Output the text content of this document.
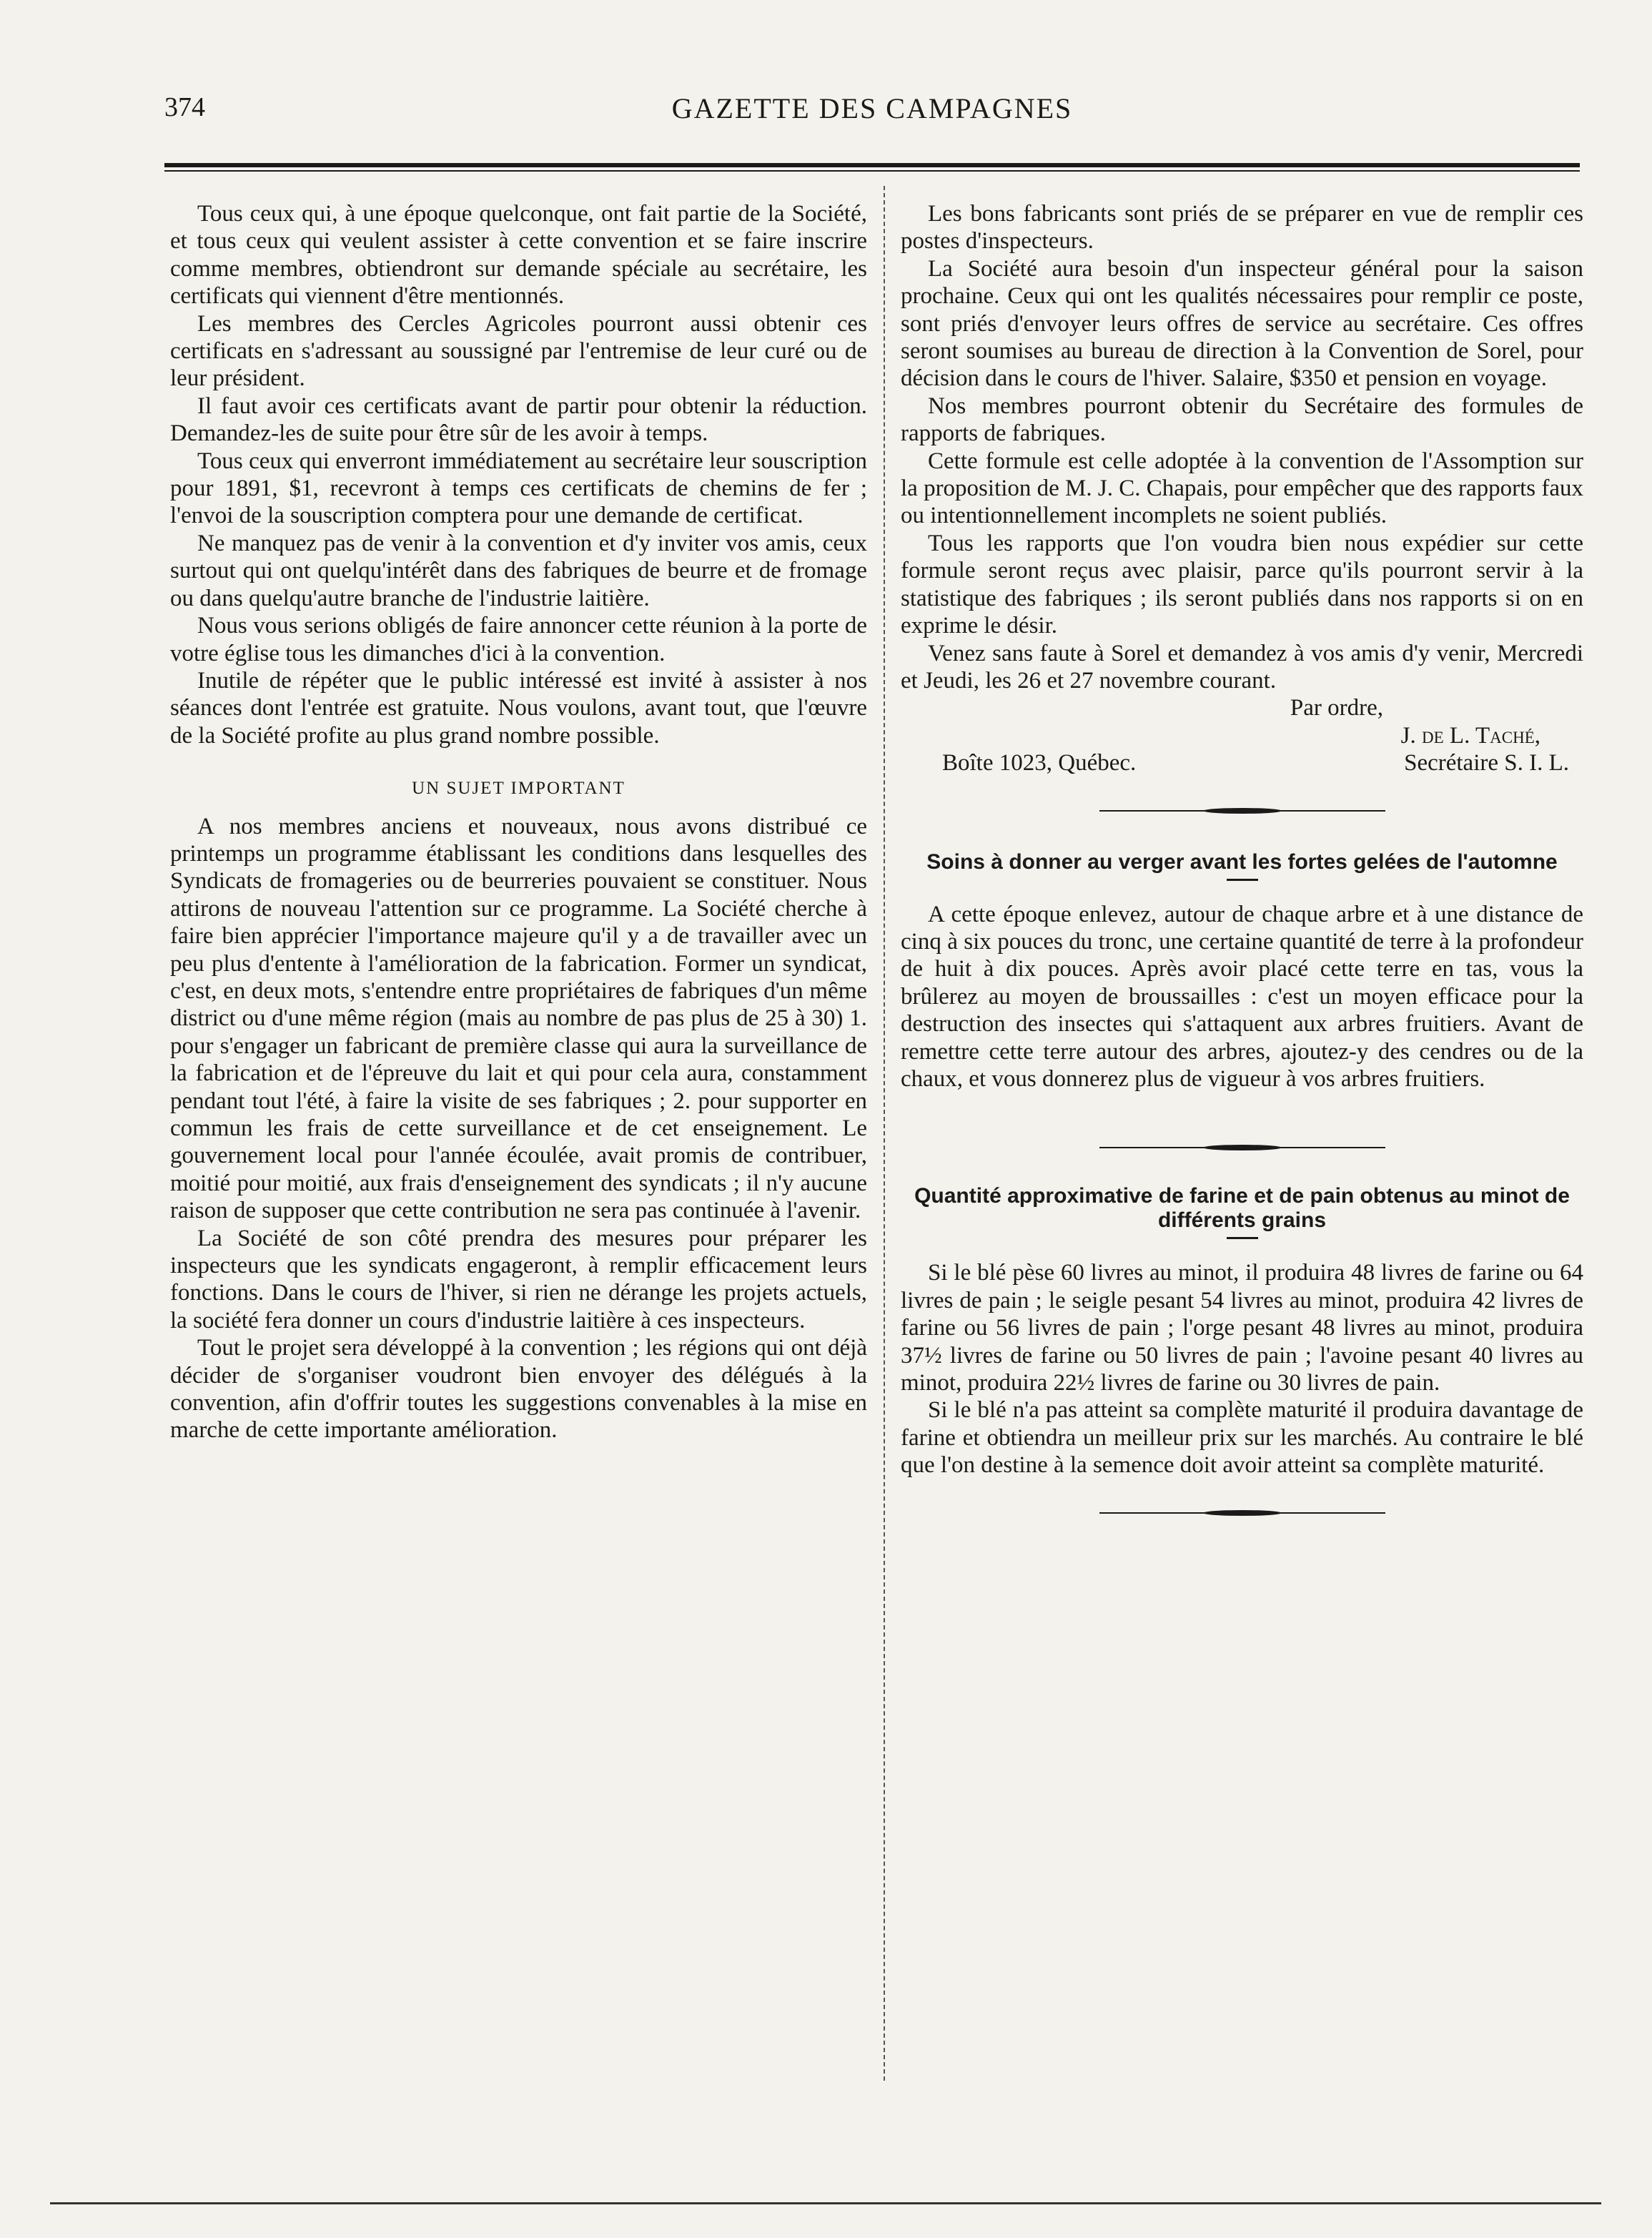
374	GAZETTE DES CAMPAGNES

Tous ceux qui, à une époque quelconque, ont fait partie de la Société, et tous ceux qui veulent assister à cette convention et se faire inscrire comme membres, obtiendront sur demande spéciale au secrétaire, les certificats qui viennent d'être mentionnés.

Les membres des Cercles Agricoles pourront aussi obtenir ces certificats en s'adressant au soussigné par l'entremise de leur curé ou de leur président.

Il faut avoir ces certificats avant de partir pour obtenir la réduction. Demandez-les de suite pour être sûr de les avoir à temps.

Tous ceux qui enverront immédiatement au secrétaire leur souscription pour 1891, $1, recevront à temps ces certificats de chemins de fer ; l'envoi de la souscription comptera pour une demande de certificat.

Ne manquez pas de venir à la convention et d'y inviter vos amis, ceux surtout qui ont quelqu'intérêt dans des fabriques de beurre et de fromage ou dans quelqu'autre branche de l'industrie laitière.

Nous vous serions obligés de faire annoncer cette réunion à la porte de votre église tous les dimanches d'ici à la convention.

Inutile de répéter que le public intéressé est invité à assister à nos séances dont l'entrée est gratuite. Nous voulons, avant tout, que l'œuvre de la Société profite au plus grand nombre possible.

UN SUJET IMPORTANT

A nos membres anciens et nouveaux, nous avons distribué ce printemps un programme établissant les conditions dans lesquelles des Syndicats de fromageries ou de beurreries pouvaient se constituer. Nous attirons de nouveau l'attention sur ce programme. La Société cherche à faire bien apprécier l'importance majeure qu'il y a de travailler avec un peu plus d'entente à l'amélioration de la fabrication. Former un syndicat, c'est, en deux mots, s'entendre entre propriétaires de fabriques d'un même district ou d'une même région (mais au nombre de pas plus de 25 à 30) 1. pour s'engager un fabricant de première classe qui aura la surveillance de la fabrication et de l'épreuve du lait et qui pour cela aura, constamment pendant tout l'été, à faire la visite de ses fabriques ; 2. pour supporter en commun les frais de cette surveillance et de cet enseignement. Le gouvernement local pour l'année écoulée, avait promis de contribuer, moitié pour moitié, aux frais d'enseignement des syndicats ; il n'y aucune raison de supposer que cette contribution ne sera pas continuée à l'avenir.

La Société de son côté prendra des mesures pour préparer les inspecteurs que les syndicats engageront, à remplir efficacement leurs fonctions. Dans le cours de l'hiver, si rien ne dérange les projets actuels, la société fera donner un cours d'industrie laitière à ces inspecteurs.

Tout le projet sera développé à la convention ; les régions qui ont déjà décider de s'organiser voudront bien envoyer des délégués à la convention, afin d'offrir toutes les suggestions convenables à la mise en marche de cette importante amélioration.

Les bons fabricants sont priés de se préparer en vue de remplir ces postes d'inspecteurs.

La Société aura besoin d'un inspecteur général pour la saison prochaine. Ceux qui ont les qualités nécessaires pour remplir ce poste, sont priés d'envoyer leurs offres de service au secrétaire. Ces offres seront soumises au bureau de direction à la Convention de Sorel, pour décision dans le cours de l'hiver. Salaire, $350 et pension en voyage.

Nos membres pourront obtenir du Secrétaire des formules de rapports de fabriques.

Cette formule est celle adoptée à la convention de l'Assomption sur la proposition de M. J. C. Chapais, pour empêcher que des rapports faux ou intentionnellement incomplets ne soient publiés.

Tous les rapports que l'on voudra bien nous expédier sur cette formule seront reçus avec plaisir, parce qu'ils pourront servir à la statistique des fabriques ; ils seront publiés dans nos rapports si on en exprime le désir.

Venez sans faute à Sorel et demandez à vos amis d'y venir, Mercredi et Jeudi, les 26 et 27 novembre courant.

Par ordre,
J. de L. Taché,
Boîte 1023, Québec.	Secrétaire S. I. L.
Soins à donner au verger avant les fortes gelées de l'automne

A cette époque enlevez, autour de chaque arbre et à une distance de cinq à six pouces du tronc, une certaine quantité de terre à la profondeur de huit à dix pouces. Après avoir placé cette terre en tas, vous la brûlerez au moyen de broussailles : c'est un moyen efficace pour la destruction des insectes qui s'attaquent aux arbres fruitiers. Avant de remettre cette terre autour des arbres, ajoutez-y des cendres ou de la chaux, et vous donnerez plus de vigueur à vos arbres fruitiers.

Quantité approximative de farine et de pain obtenus au minot de différents grains

Si le blé pèse 60 livres au minot, il produira 48 livres de farine ou 64 livres de pain ; le seigle pesant 54 livres au minot, produira 42 livres de farine ou 56 livres de pain ; l'orge pesant 48 livres au minot, produira 37½ livres de farine ou 50 livres de pain ; l'avoine pesant 40 livres au minot, produira 22½ livres de farine ou 30 livres de pain.

Si le blé n'a pas atteint sa complète maturité il produira davantage de farine et obtiendra un meilleur prix sur les marchés. Au contraire le blé que l'on destine à la semence doit avoir atteint sa complète maturité.
